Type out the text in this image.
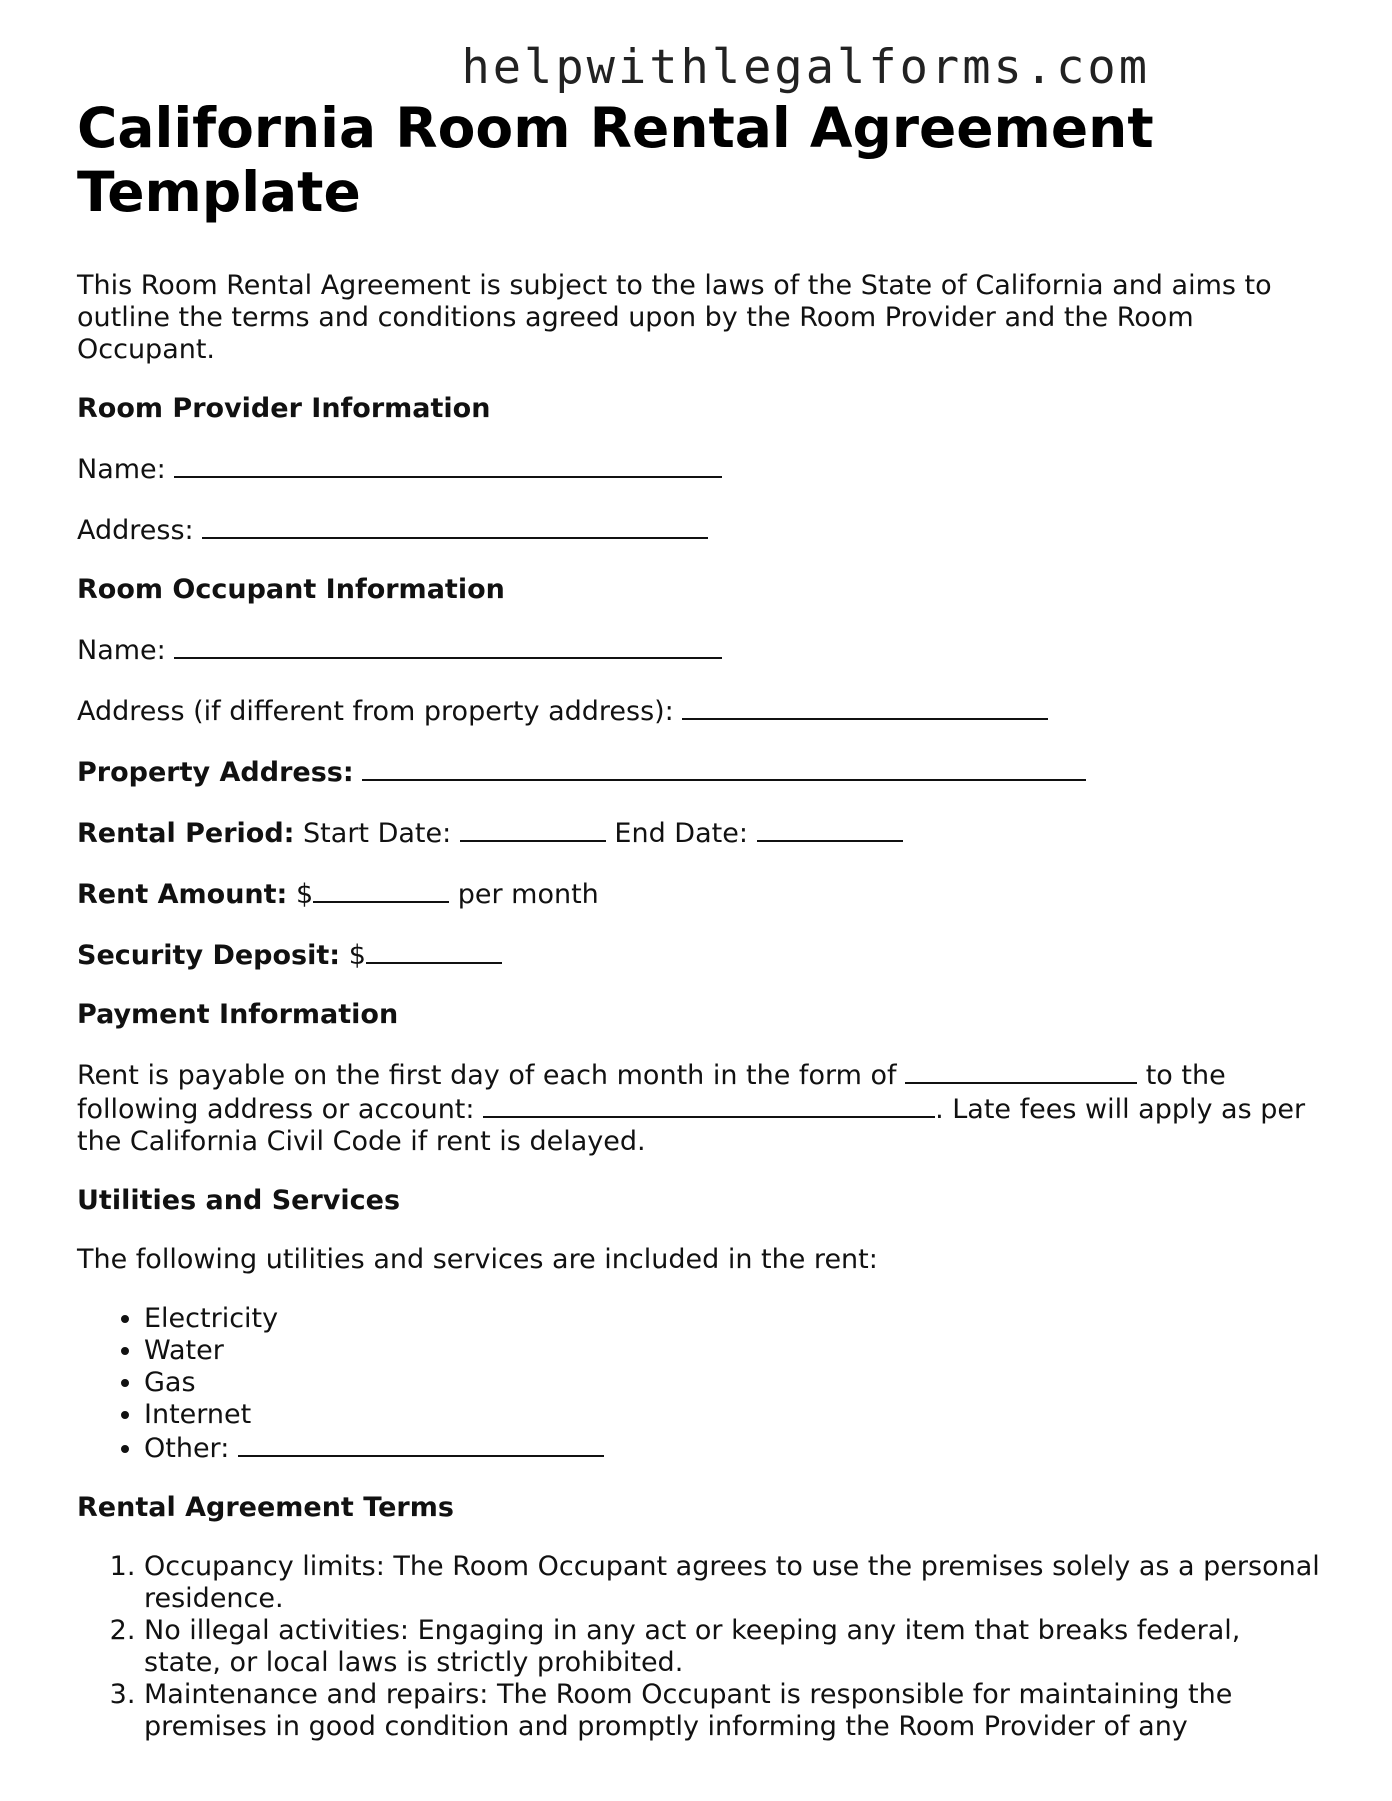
helpwithlegalforms.com
California Room Rental Agreement Template

This Room Rental Agreement is subject to the laws of the State of California and aims to outline the terms and conditions agreed upon by the Room Provider and the Room Occupant.

Room Provider Information
Name:
Address:
Room Occupant Information
Name:
Address (if different from property address):
Property Address:
Rental Period: Start Date:	End Date:
Rent Amount: $	per month
Security Deposit: $
Payment Information

Rent is payable on the first day of each month in the form of	to the following address or account:	. Late fees will apply as per the California Civil Code if rent is delayed.

Utilities and Services

The following utilities and services are included in the rent:

• Electricity
• Water
• Gas
• Internet
• Other:
Rental Agreement Terms
1. Occupancy limits: The Room Occupant agrees to use the premises solely as a personal residence.
2. No illegal activities: Engaging in any act or keeping any item that breaks federal, state, or local laws is strictly prohibited.
3. Maintenance and repairs: The Room Occupant is responsible for maintaining the premises in good condition and promptly informing the Room Provider of any
